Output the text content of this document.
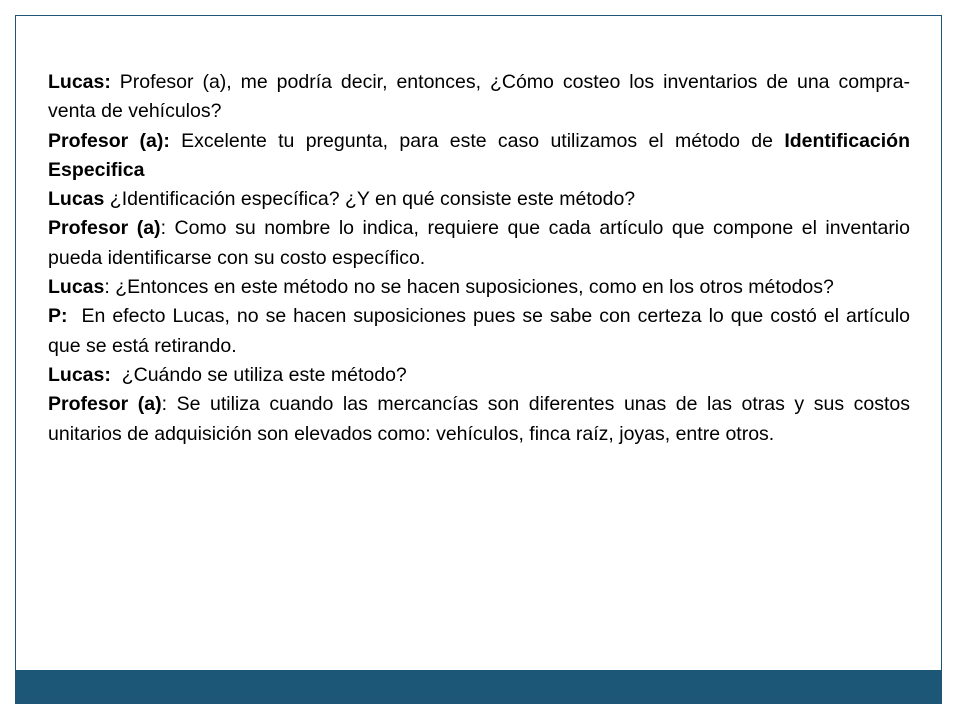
Lucas: Profesor (a), me podría decir, entonces, ¿Cómo costeo los inventarios de una compra- venta de vehículos?

Profesor (a): Excelente tu pregunta, para este caso utilizamos el método de Identificación Especifica

Lucas ¿Identificación específica? ¿Y en qué consiste este método?

Profesor (a): Como su nombre lo indica, requiere que cada artículo que compone el inventario pueda identificarse con su costo específico.

Lucas: ¿Entonces en este método no se hacen suposiciones, como en los otros métodos?

P:  En efecto Lucas, no se hacen suposiciones pues se sabe con certeza lo que costó el artículo que se está retirando.

Lucas:  ¿Cuándo se utiliza este método?

Profesor (a): Se utiliza cuando las mercancías son diferentes unas de las otras y sus costos unitarios de adquisición son elevados como: vehículos, finca raíz, joyas, entre otros.
